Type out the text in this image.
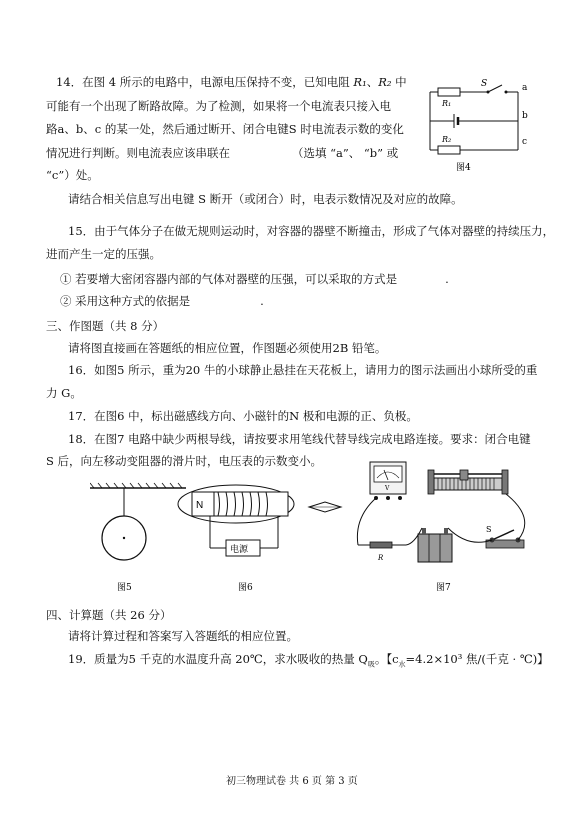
14．在图 4 所示的电路中，电源电压保持不变，已知电阻 R₁、R₂ 中
可能有一个出现了断路故障。为了检测，如果将一个电流表只接入电
路a、b、c 的某一处，然后通过断开、闭合电键S 时电流表示数的变化
情况进行判断。则电流表应该串联在	（选填 “a”、 “b” 或
“c”）处。
请结合相关信息写出电键 S 断开（或闭合）时，电表示数情况及对应的故障。
S	a
b
c
R₁
R₂
图4
15．由于气体分子在做无规则运动时，对容器的器壁不断撞击，形成了气体对器壁的持续压力，
进而产生一定的压强。
① 若要增大密闭容器内部的气体对器壁的压强，可以采取的方式是	.
② 采用这种方式的依据是	.
三、作图题（共 8 分）
请将图直接画在答题纸的相应位置，作图题必须使用2B 铅笔。
16．如图5 所示，重为20 牛的小球静止悬挂在天花板上，请用力的图示法画出小球所受的重
力 G。
17．在图6 中，标出磁感线方向、小磁针的N 极和电源的正、负极。
18．在图7 电路中缺少两根导线，请按要求用笔线代替导线完成电路连接。要求：闭合电键
S 后，向左移动变阻器的滑片时，电压表的示数变小。
图5
N
电源
图6
V
R
S
图7
四、计算题（共 26 分）
请将计算过程和答案写入答题纸的相应位置。
19．质量为5 千克的水温度升高 20℃，求水吸收的热量 $Q_吸$。【$c_水=4.2\times 10^3$ 焦/(千克 · ℃)】
初三物理试卷 共 6 页 第 3 页
